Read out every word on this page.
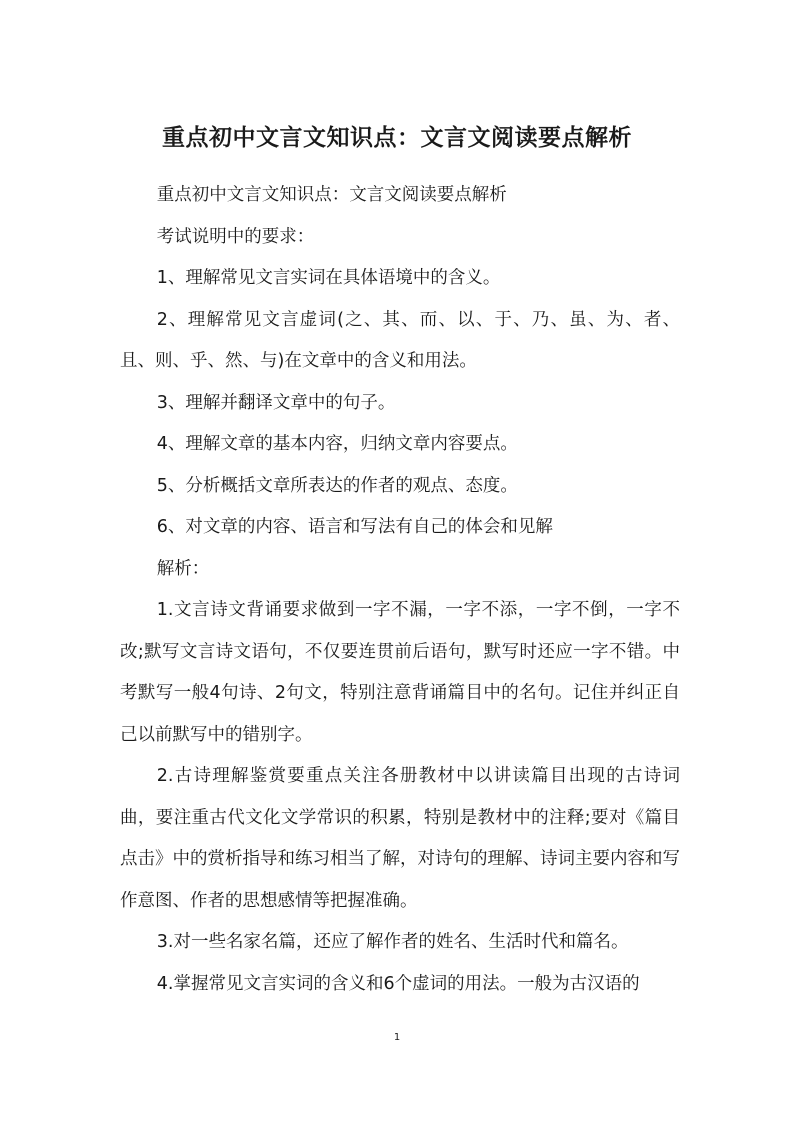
重点初中文言文知识点：文言文阅读要点解析

重点初中文言文知识点：文言文阅读要点解析

考试说明中的要求：

1、理解常见文言实词在具体语境中的含义。

2、理解常见文言虚词(之、其、而、以、于、乃、虽、为、者、且、则、乎、然、与)在文章中的含义和用法。

3、理解并翻译文章中的句子。

4、理解文章的基本内容，归纳文章内容要点。

5、分析概括文章所表达的作者的观点、态度。

6、对文章的内容、语言和写法有自己的体会和见解

解析：

1.文言诗文背诵要求做到一字不漏，一字不添，一字不倒，一字不改;默写文言诗文语句，不仅要连贯前后语句，默写时还应一字不错。中考默写一般4句诗、2句文，特别注意背诵篇目中的名句。记住并纠正自己以前默写中的错别字。

2.古诗理解鉴赏要重点关注各册教材中以讲读篇目出现的古诗词曲，要注重古代文化文学常识的积累，特别是教材中的注释;要对《篇目点击》中的赏析指导和练习相当了解，对诗句的理解、诗词主要内容和写作意图、作者的思想感情等把握准确。

3.对一些名家名篇，还应了解作者的姓名、生活时代和篇名。

4.掌握常见文言实词的含义和6个虚词的用法。一般为古汉语的

1
